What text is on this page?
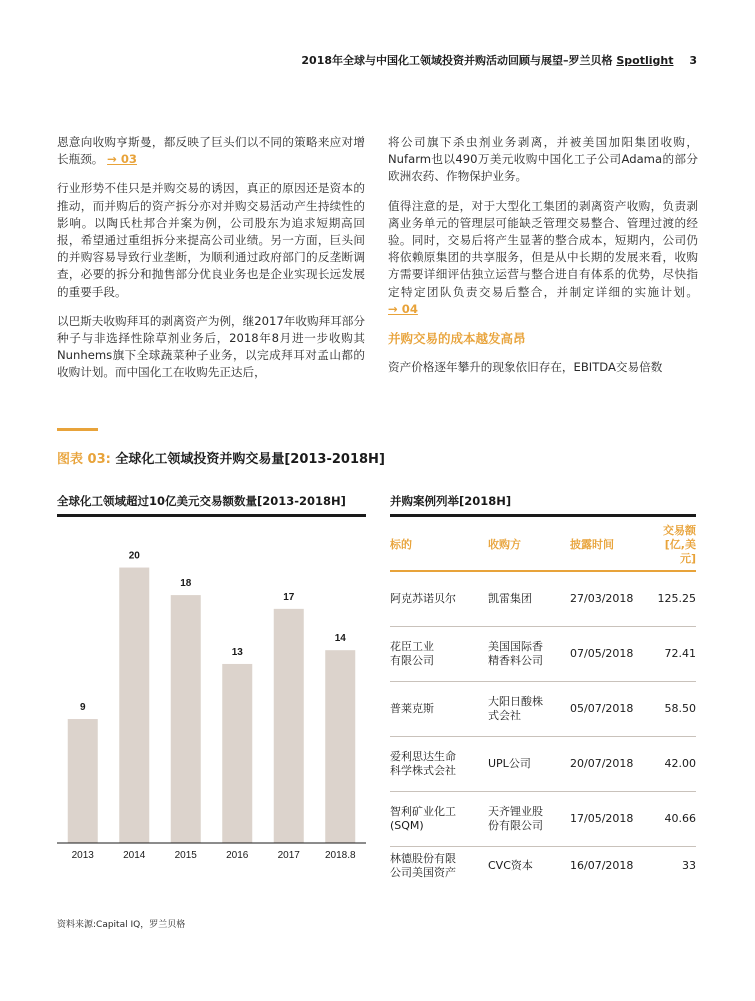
2018年全球与中国化工领域投资并购活动回顾与展望–罗兰贝格 Spotlight 3

恩意向收购亨斯曼，都反映了巨头们以不同的策略来应对增长瓶颈。 → 03

行业形势不佳只是并购交易的诱因，真正的原因还是资本的推动，而并购后的资产拆分亦对并购交易活动产生持续性的影响。以陶氏杜邦合并案为例，公司股东为追求短期高回报，希望通过重组拆分来提高公司业绩。另一方面，巨头间的并购容易导致行业垄断，为顺利通过政府部门的反垄断调查，必要的拆分和抛售部分优良业务也是企业实现长远发展的重要手段。

以巴斯夫收购拜耳的剥离资产为例，继2017年收购拜耳部分种子与非选择性除草剂业务后，2018年8月进一步收购其Nunhems旗下全球蔬菜种子业务，以完成拜耳对孟山都的收购计划。而中国化工在收购先正达后，

将公司旗下杀虫剂业务剥离，并被美国加阳集团收购，Nufarm也以490万美元收购中国化工子公司Adama的部分欧洲农药、作物保护业务。

值得注意的是，对于大型化工集团的剥离资产收购，负责剥离业务单元的管理层可能缺乏管理交易整合、管理过渡的经验。同时，交易后将产生显著的整合成本，短期内，公司仍将依赖原集团的共享服务，但是从中长期的发展来看，收购方需要详细评估独立运营与整合进自有体系的优势，尽快指定特定团队负责交易后整合，并制定详细的实施计划。 → 04

并购交易的成本越发高昂

资产价格逐年攀升的现象依旧存在，EBITDA交易倍数

图表 03: 全球化工领域投资并购交易量[2013-2018H]
全球化工领域超过10亿美元交易额数量[2013-2018H]
9
2013
20
2014
18
2015
13
2016
17
2017
14
2018.8
并购案例列举[2018H]
标的	收购方	披露时间	交易额
[亿,美元]
阿克苏诺贝尔	凯雷集团	27/03/2018	125.25
花臣工业
有限公司	美国国际香
精香料公司	07/05/2018	72.41
普莱克斯	大阳日酸株
式会社	05/07/2018	58.50
爱利思达生命
科学株式会社	UPL公司	20/07/2018	42.00
智利矿业化工
(SQM)	天齐锂业股
份有限公司	17/05/2018	40.66
林德股份有限
公司美国资产	CVC资本	16/07/2018	33
资料来源:Capital IQ，罗兰贝格
